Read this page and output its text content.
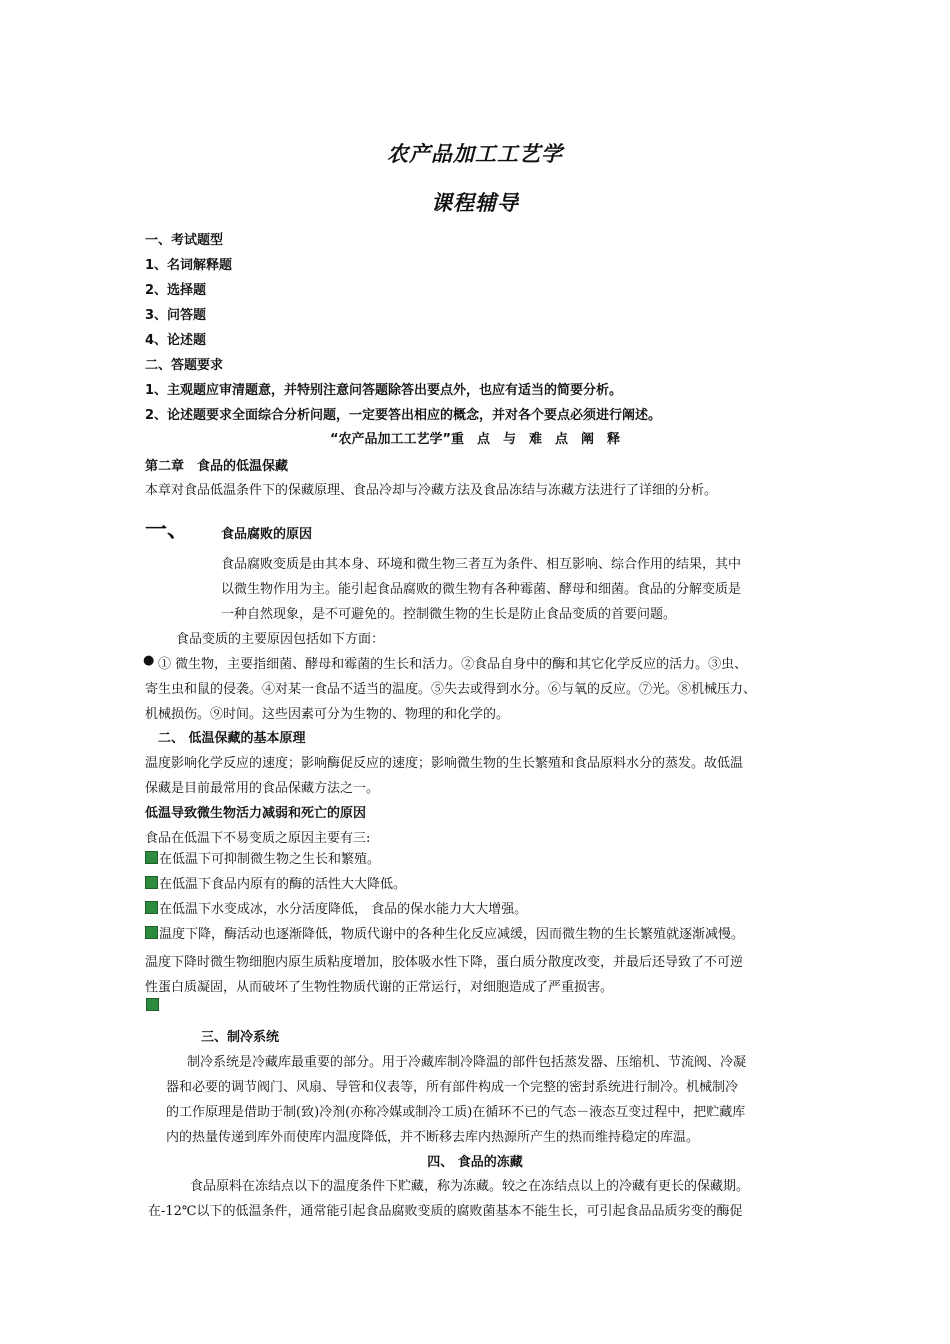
农产品加工工艺学
课程辅导
一、考试题型
1、名词解释题
2、选择题
3、问答题
4、论述题
二、答题要求
1、主观题应审清题意，并特别注意问答题除答出要点外，也应有适当的简要分析。
2、论述题要求全面综合分析问题，一定要答出相应的概念，并对各个要点必须进行阐述。
“农产品加工工艺学”重　点　与　难　点　阐　释
第二章　食品的低温保藏
本章对食品低温条件下的保藏原理、食品冷却与冷藏方法及食品冻结与冻藏方法进行了详细的分析。
一、 食品腐败的原因
食品腐败变质是由其本身、环境和微生物三者互为条件、相互影响、综合作用的结果，其中
以微生物作用为主。能引起食品腐败的微生物有各种霉菌、酵母和细菌。食品的分解变质是
一种自然现象，是不可避免的。控制微生物的生长是防止食品变质的首要问题。
食品变质的主要原因包括如下方面：
● ① 微生物，主要指细菌、酵母和霉菌的生长和活力。②食品自身中的酶和其它化学反应的活力。③虫、
寄生虫和鼠的侵袭。④对某一食品不适当的温度。⑤失去或得到水分。⑥与氧的反应。⑦光。⑧机械压力、
机械损伤。⑨时间。这些因素可分为生物的、物理的和化学的。
二、 低温保藏的基本原理
温度影响化学反应的速度；影响酶促反应的速度；影响微生物的生长繁殖和食品原料水分的蒸发。故低温
保藏是目前最常用的食品保藏方法之一。
低温导致微生物活力减弱和死亡的原因
食品在低温下不易变质之原因主要有三:
在低温下可抑制微生物之生长和繁殖。
在低温下食品内原有的酶的活性大大降低。
在低温下水变成冰，水分活度降低， 食品的保水能力大大增强。
温度下降，酶活动也逐渐降低，物质代谢中的各种生化反应减缓，因而微生物的生长繁殖就逐渐减慢。
温度下降时微生物细胞内原生质粘度增加，胶体吸水性下降，蛋白质分散度改变，并最后还导致了不可逆
性蛋白质凝固，从而破坏了生物性物质代谢的正常运行，对细胞造成了严重损害。
三、制冷系统
制冷系统是冷藏库最重要的部分。用于冷藏库制冷降温的部件包括蒸发器、压缩机、节流阀、冷凝
器和必要的调节阀门、风扇、导管和仪表等，所有部件构成一个完整的密封系统进行制冷。机械制冷
的工作原理是借助于制(致)冷剂(亦称冷媒或制冷工质)在循环不已的气态－液态互变过程中，把贮藏库
内的热量传递到库外而使库内温度降低，并不断移去库内热源所产生的热而维持稳定的库温。
四、 食品的冻藏
食品原料在冻结点以下的温度条件下贮藏，称为冻藏。较之在冻结点以上的冷藏有更长的保藏期。
在-12℃以下的低温条件，通常能引起食品腐败变质的腐败菌基本不能生长，可引起食品品质劣变的酶促
